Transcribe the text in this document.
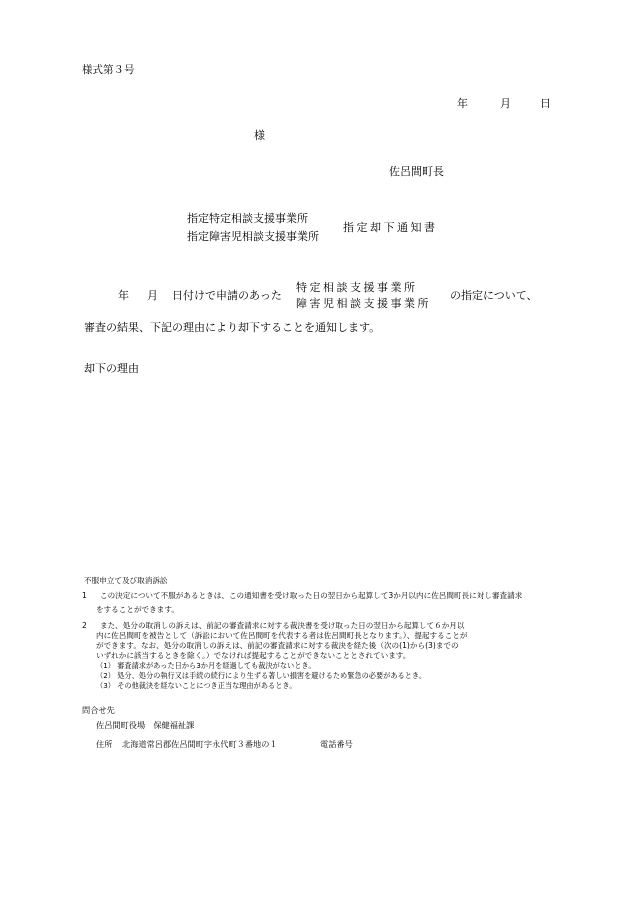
様式第３号
年	月	日
様
佐呂間町長
指定特定相談支援事業所
指定障害児相談支援事業所
指定却下通知書
年 月 日付けで申請のあった
特定相談支援事業所
障害児相談支援事業所
の指定について、
審査の結果、下記の理由により却下することを通知します。
却下の理由
不服申立て及び取消訴訟
1 この決定について不服があるときは、この通知書を受け取った日の翌日から起算して3か月以内に佐呂間町長に対し審査請求
をすることができます。
2 また、処分の取消しの訴えは、前記の審査請求に対する裁決書を受け取った日の翌日から起算して６か月以
内に佐呂間町を被告として（訴訟において佐呂間町を代表する者は佐呂間町長となります。）、提起することが
ができます。なお、処分の取消しの訴えは、前記の審査請求に対する裁決を経た後（次の(1)から(3)までの
いずれかに該当するときを除く。）でなければ提起することができないこととされています。
（1） 審査請求があった日から3か月を経過しても裁決がないとき。
（2） 処分、処分の執行又は手続の続行により生ずる著しい損害を避けるため緊急の必要があるとき。
（3） その他裁決を経ないことにつき正当な理由があるとき。
問合せ先
佐呂間町役場　保健福祉課
住所 北海道常呂郡佐呂間町字永代町３番地の１	電話番号
